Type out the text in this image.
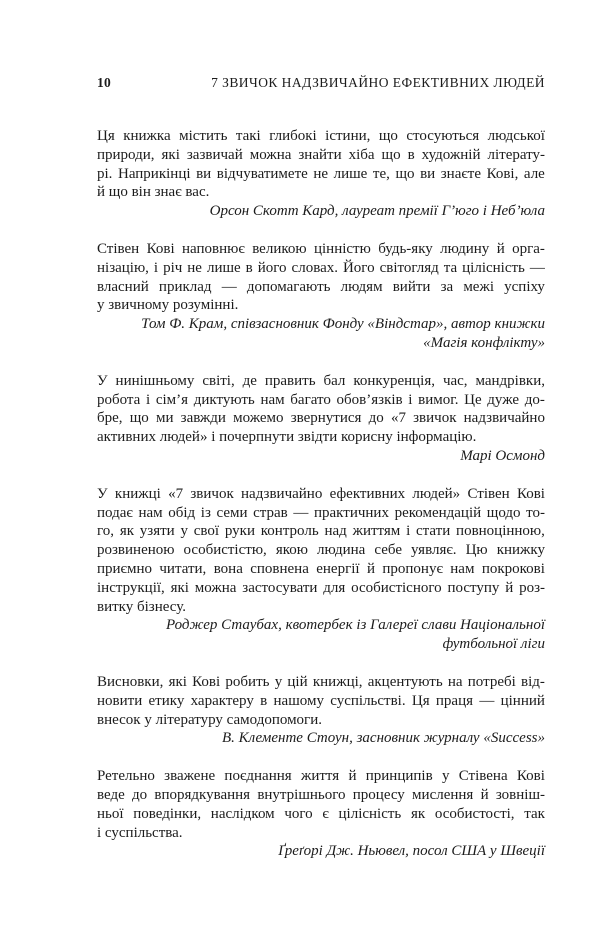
10	7 ЗВИЧОК НАДЗВИЧАЙНО ЕФЕКТИВНИХ ЛЮДЕЙ
Ця книжка містить такі глибокі істини, що стосуються людської
природи, які зазвичай можна знайти хіба що в художній літерату-
рі. Наприкінці ви відчуватимете не лише те, що ви знаєте Кові, але
й що він знає вас.
Орсон Скотт Кард, лауреат премії Г’юго і Неб’юла
Стівен Кові наповнює великою цінністю будь-яку людину й орга-
нізацію, і річ не лише в його словах. Його світогляд та цілісність —
власний приклад — допомагають людям вийти за межі успіху
у звичному розумінні.
Том Ф. Крам, співзасновник Фонду «Віндстар», автор книжки
«Магія конфлікту»
У нинішньому світі, де править бал конкуренція, час, мандрівки,
робота і сім’я диктують нам багато обов’язків і вимог. Це дуже до-
бре, що ми завжди можемо звернутися до «7 звичок надзвичайно
активних людей» і почерпнути звідти корисну інформацію.
Марі Осмонд
У книжці «7 звичок надзвичайно ефективних людей» Стівен Кові
подає нам обід із семи страв — практичних рекомендацій щодо то-
го, як узяти у свої руки контроль над життям і стати повноцінною,
розвиненою особистістю, якою людина себе уявляє. Цю книжку
приємно читати, вона сповнена енергії й пропонує нам покрокові
інструкції, які можна застосувати для особистісного поступу й роз-
витку бізнесу.
Роджер Стаубах, квотербек із Галереї слави Національної
футбольної ліги
Висновки, які Кові робить у цій книжці, акцентують на потребі від-
новити етику характеру в нашому суспільстві. Ця праця — цінний
внесок у літературу самодопомоги.
В. Клементе Стоун, засновник журналу «Success»
Ретельно зважене поєднання життя й принципів у Стівена Кові
веде до впорядкування внутрішнього процесу мислення й зовніш-
ньої поведінки, наслідком чого є цілісність як особистості, так
і суспільства.
Ґреґорі Дж. Ньювел, посол США у Швеції
